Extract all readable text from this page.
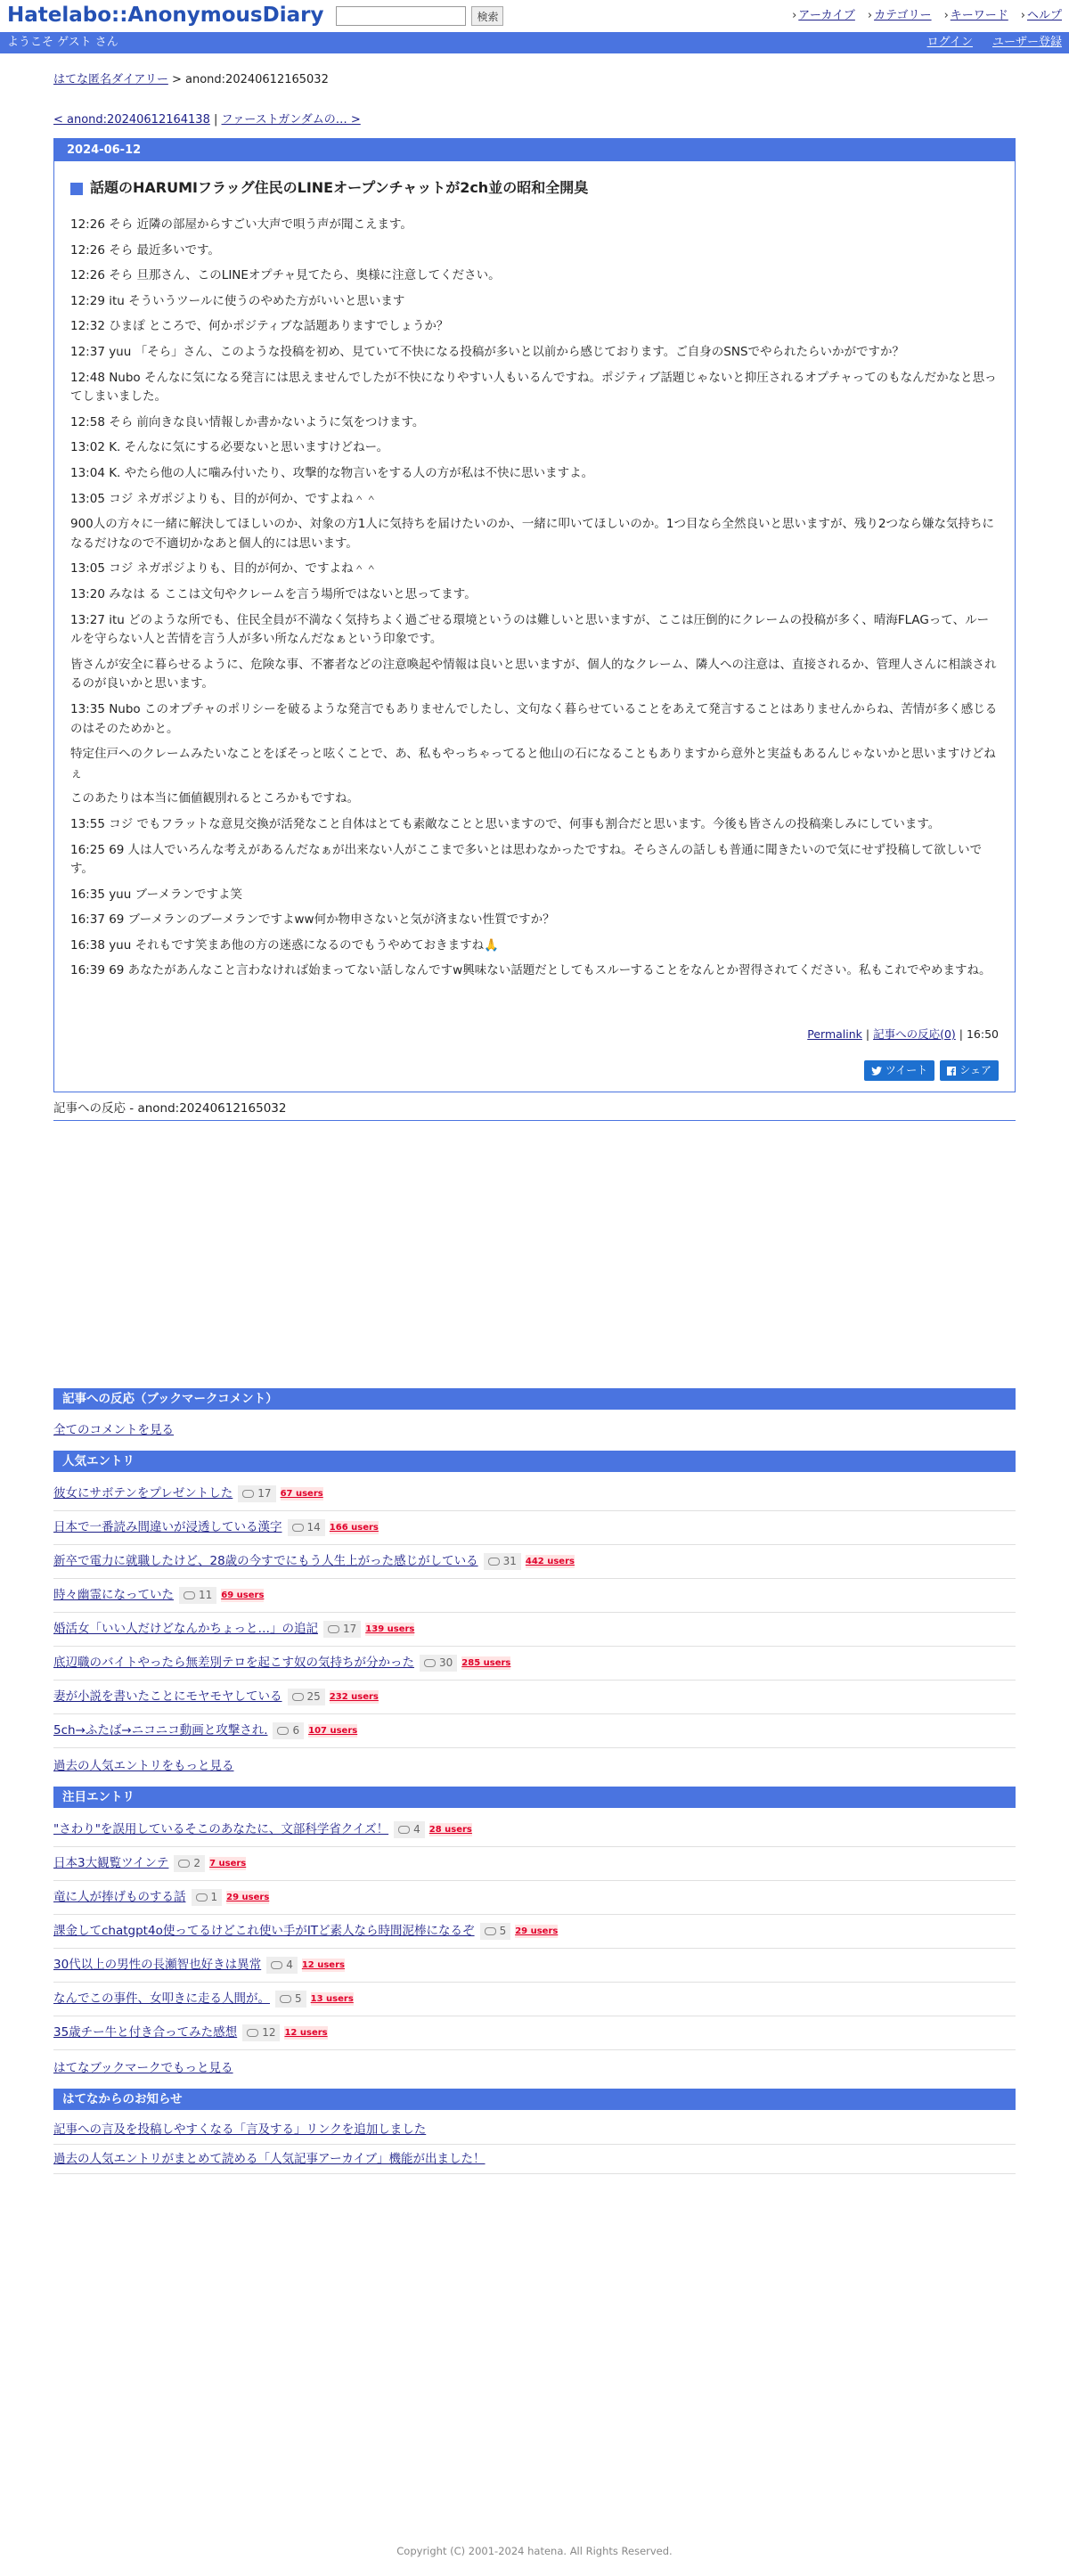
Hatelabo::AnonymousDiary	検索	› アーカイブ › カテゴリー › キーワード › ヘルプ
ようこそ ゲスト さん	ログイン ユーザー登録
はてな匿名ダイアリー > anond:20240612165032
< anond:20240612164138 | ファーストガンダムの… >
2024-06-12
話題のHARUMIフラッグ住民のLINEオープンチャットが2ch並の昭和全開臭

12:26 そら 近隣の部屋からすごい大声で唄う声が聞こえます。

12:26 そら 最近多いです。

12:26 そら 旦那さん、このLINEオプチャ見てたら、奥様に注意してください。

12:29 itu そういうツールに使うのやめた方がいいと思います

12:32 ひまぽ ところで、何かポジティブな話題ありますでしょうか？

12:37 yuu 「そら」さん、このような投稿を初め、見ていて不快になる投稿が多いと以前から感じております。ご自身のSNSでやられたらいかがですか？

12:48 Nubo そんなに気になる発言には思えませんでしたが不快になりやすい人もいるんですね。ポジティブ話題じゃないと抑圧されるオプチャってのもなんだかなと思ってしまいました。

12:58 そら 前向きな良い情報しか書かないように気をつけます。

13:02 K. そんなに気にする必要ないと思いますけどねー。

13:04 K. やたら他の人に噛み付いたり、攻撃的な物言いをする人の方が私は不快に思いますよ。

13:05 コジ ネガポジよりも、目的が何か、ですよね＾＾

900人の方々に一緒に解決してほしいのか、対象の方1人に気持ちを届けたいのか、一緒に叩いてほしいのか。1つ目なら全然良いと思いますが、残り2つなら嫌な気持ちになるだけなので不適切かなあと個人的には思います。

13:05 コジ ネガポジよりも、目的が何か、ですよね＾＾

13:20 みなは る ここは文句やクレームを言う場所ではないと思ってます。

13:27 itu どのような所でも、住民全員が不満なく気持ちよく過ごせる環境というのは難しいと思いますが、ここは圧倒的にクレームの投稿が多く、晴海FLAGって、ルールを守らない人と苦情を言う人が多い所なんだなぁという印象です。

皆さんが安全に暮らせるように、危険な事、不審者などの注意喚起や情報は良いと思いますが、個人的なクレーム、隣人への注意は、直接されるか、管理人さんに相談されるのが良いかと思います。

13:35 Nubo このオプチャのポリシーを破るような発言でもありませんでしたし、文句なく暮らせていることをあえて発言することはありませんからね、苦情が多く感じるのはそのためかと。

特定住戸へのクレームみたいなことをぼそっと呟くことで、あ、私もやっちゃってると他山の石になることもありますから意外と実益もあるんじゃないかと思いますけどねぇ

このあたりは本当に価値観別れるところかもですね。

13:55 コジ でもフラットな意見交換が活発なこと自体はとても素敵なことと思いますので、何事も割合だと思います。今後も皆さんの投稿楽しみにしています。

16:25 69 人は人でいろんな考えがあるんだなぁが出来ない人がここまで多いとは思わなかったですね。そらさんの話しも普通に聞きたいので気にせず投稿して欲しいです。

16:35 yuu ブーメランですよ笑

16:37 69 ブーメランのブーメランですよww何か物申さないと気が済まない性質ですか？

16:38 yuu それもです笑まあ他の方の迷惑になるのでもうやめておきますね🙏

16:39 69 あなたがあんなこと言わなければ始まってない話しなんですw興味ない話題だとしてもスルーすることをなんとか習得されてください。私もこれでやめますね。

Permalink | 記事への反応(0) | 16:50
ツイート	シェア
記事への反応 - anond:20240612165032
記事への反応（ブックマークコメント）
全てのコメントを見る
人気エントリ
彼女にサボテンをプレゼントした 17 67 users
日本で一番読み間違いが浸透している漢字 14 166 users
新卒で電力に就職したけど、28歳の今すでにもう人生上がった感じがしている 31 442 users
時々幽霊になっていた 11 69 users
婚活女「いい人だけどなんかちょっと…」の追記 17 139 users
底辺職のバイトやったら無差別テロを起こす奴の気持ちが分かった 30 285 users
妻が小説を書いたことにモヤモヤしている 25 232 users
5ch→ふたば→ニコニコ動画と攻撃され. 6 107 users
過去の人気エントリをもっと見る
注目エントリ
"さわり"を誤用しているそこのあなたに、文部科学省クイズ！ 4 28 users
日本3大観覧ツインテ 2 7 users
竜に人が捧げものする話 1 29 users
課金してchatgpt4o使ってるけどこれ使い手がITど素人なら時間泥棒になるぞ 5 29 users
30代以上の男性の長瀬智也好きは異常 4 12 users
なんでこの事件、女叩きに走る人間が。 5 13 users
35歳チー牛と付き合ってみた感想 12 12 users
はてなブックマークでもっと見る
はてなからのお知らせ
記事への言及を投稿しやすくなる「言及する」リンクを追加しました
過去の人気エントリがまとめて読める「人気記事アーカイブ」機能が出ました！
Copyright (C) 2001-2024 hatena. All Rights Reserved.
